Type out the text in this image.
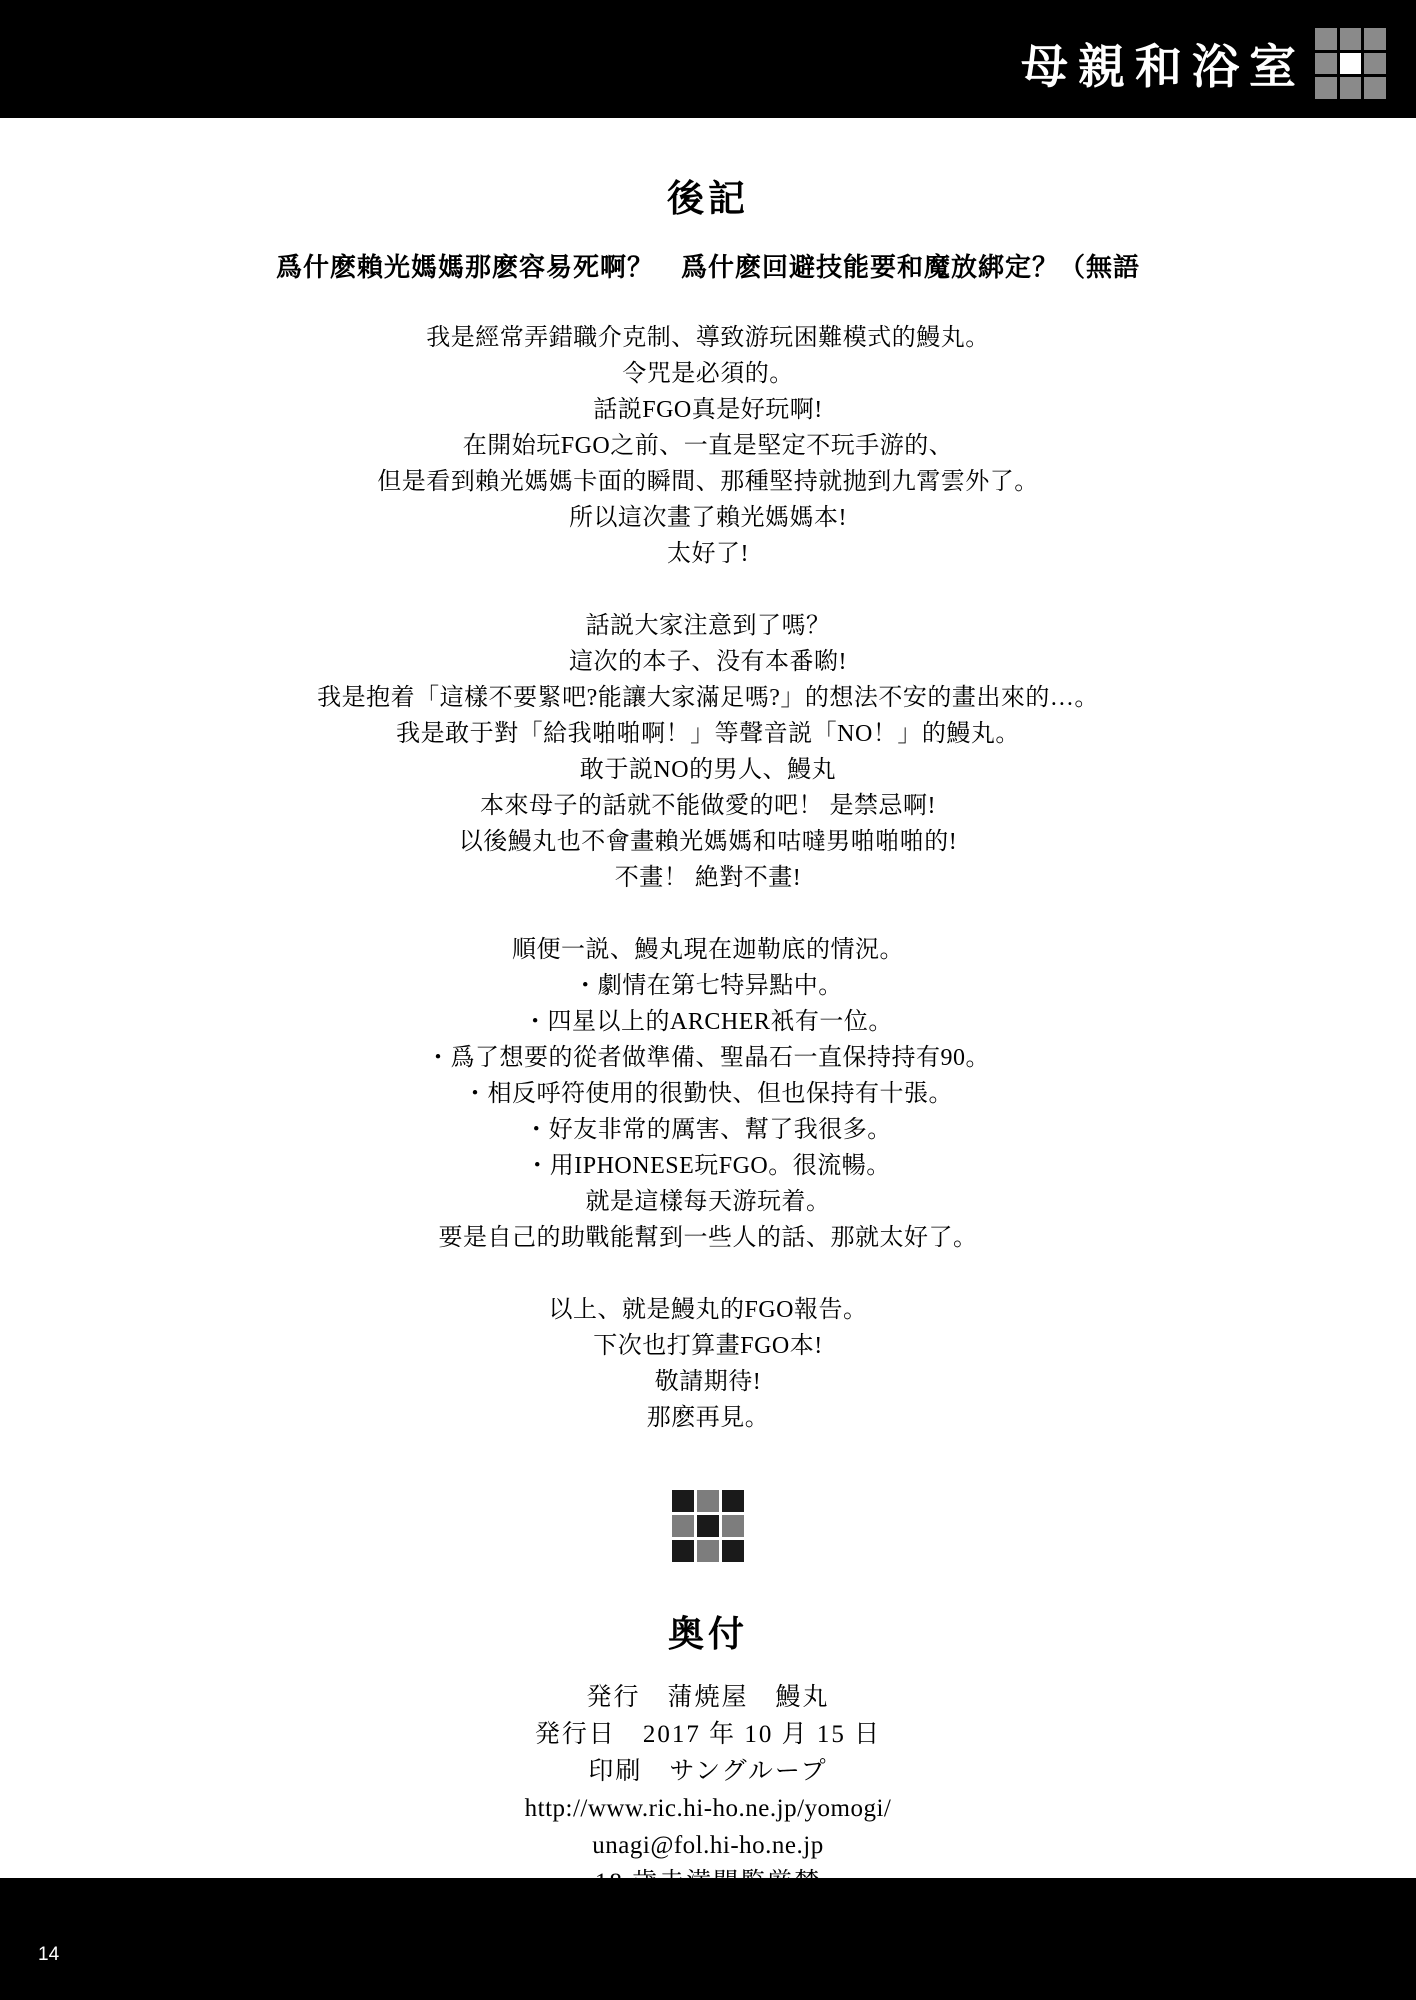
母親和浴室
後記
爲什麽賴光媽媽那麽容易死啊？　爲什麽回避技能要和魔放綁定？（無語
我是經常弄錯職介克制、導致游玩困難模式的鰻丸。
令咒是必須的。
話説FGO真是好玩啊!
在開始玩FGO之前、一直是堅定不玩手游的、
但是看到賴光媽媽卡面的瞬間、那種堅持就抛到九霄雲外了。
所以這次畫了賴光媽媽本!
太好了!
話説大家注意到了嗎？
這次的本子、没有本番喲!
我是抱着「這樣不要緊吧?能讓大家滿足嗎?」的想法不安的畫出來的…。
我是敢于對「給我啪啪啊！」等聲音説「NO！」的鰻丸。
敢于説NO的男人、鰻丸
本來母子的話就不能做愛的吧！ 是禁忌啊!
以後鰻丸也不會畫賴光媽媽和咕噠男啪啪啪的!
不畫！ 絶對不畫!
順便一説、鰻丸現在迦勒底的情況。
・劇情在第七特异點中。
・四星以上的ARCHER衹有一位。
・爲了想要的從者做準備、聖晶石一直保持持有90。
・相反呼符使用的很勤快、但也保持有十張。
・好友非常的厲害、幫了我很多。
・用IPHONESE玩FGO。很流暢。
就是這樣每天游玩着。
要是自己的助戰能幫到一些人的話、那就太好了。
以上、就是鰻丸的FGO報告。
下次也打算畫FGO本!
敬請期待!
那麽再見。
奥付
発行　蒲焼屋　鰻丸
発行日　2017 年 10 月 15 日
印刷　サングループ
http://www.ric.hi-ho.ne.jp/yomogi/
unagi@fol.hi-ho.ne.jp
18 歳未満閲覧厳禁
無断転載厳禁
14
